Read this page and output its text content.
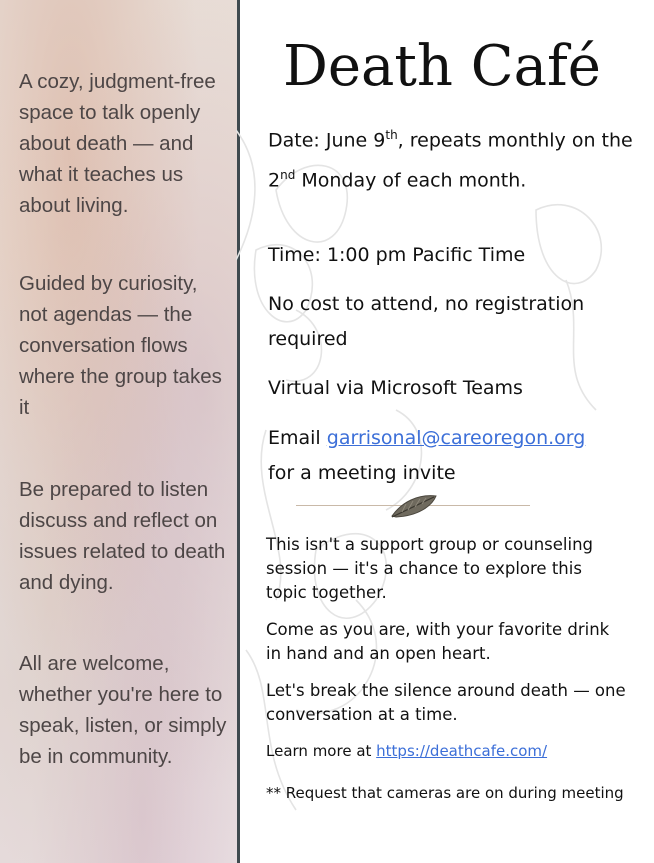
A cozy, judgment-free space to talk openly about death — and what it teaches us about living.

Guided by curiosity, not agendas — the conversation flows where the group takes it

Be prepared to listen discuss and reflect on issues related to death and dying.

All are welcome, whether you're here to speak, listen, or simply be in community.

Death Café

Date: June 9th, repeats monthly on the 2nd Monday of each month.

Time: 1:00 pm Pacific Time

No cost to attend, no registration required

Virtual via Microsoft Teams

Email garrisonal@careoregon.org
for a meeting invite

This isn't a support group or counseling session — it's a chance to explore this topic together.

Come as you are, with your favorite drink in hand and an open heart.

Let's break the silence around death — one conversation at a time.

Learn more at https://deathcafe.com/

** Request that cameras are on during meeting
